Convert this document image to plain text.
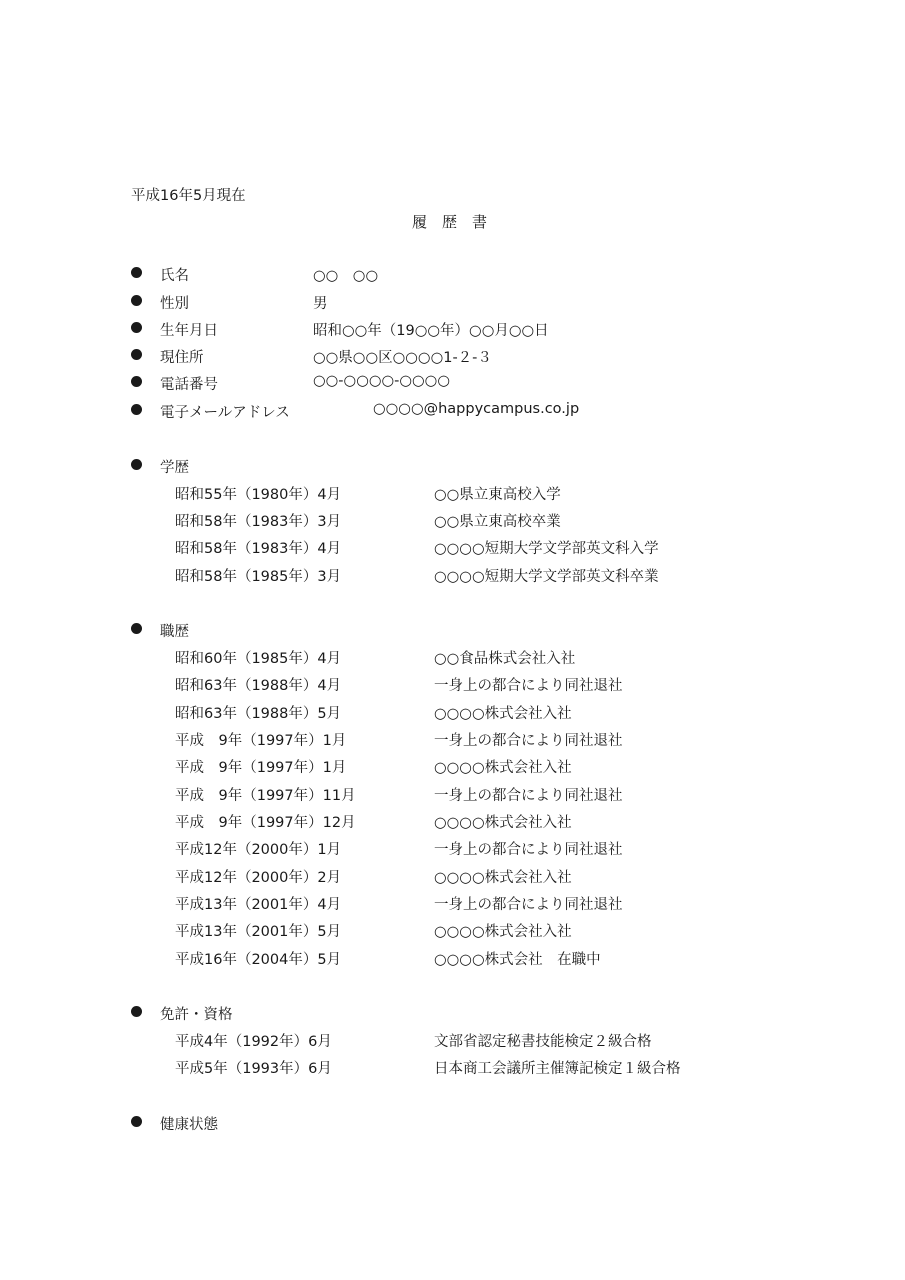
平成16年5月現在
履歴書
氏名	○○　○○
性別	男
生年月日	昭和○○年（19○○年）○○月○○日
現住所	○○県○○区○○○○1-２-３
電話番号	○○-○○○○-○○○○
電子メールアドレス	○○○○@happycampus.co.jp
学歴
昭和55年（1980年）4月	○○県立東高校入学
昭和58年（1983年）3月	○○県立東高校卒業
昭和58年（1983年）4月	○○○○短期大学文学部英文科入学
昭和58年（1985年）3月	○○○○短期大学文学部英文科卒業
職歴
昭和60年（1985年）4月	○○食品株式会社入社
昭和63年（1988年）4月	一身上の都合により同社退社
昭和63年（1988年）5月	○○○○株式会社入社
平成　9年（1997年）1月	一身上の都合により同社退社
平成　9年（1997年）1月	○○○○株式会社入社
平成　9年（1997年）11月	一身上の都合により同社退社
平成　9年（1997年）12月	○○○○株式会社入社
平成12年（2000年）1月	一身上の都合により同社退社
平成12年（2000年）2月	○○○○株式会社入社
平成13年（2001年）4月	一身上の都合により同社退社
平成13年（2001年）5月	○○○○株式会社入社
平成16年（2004年）5月	○○○○株式会社　在職中
免許・資格
平成4年（1992年）6月	文部省認定秘書技能検定２級合格
平成5年（1993年）6月	日本商工会議所主催簿記検定１級合格
健康状態
